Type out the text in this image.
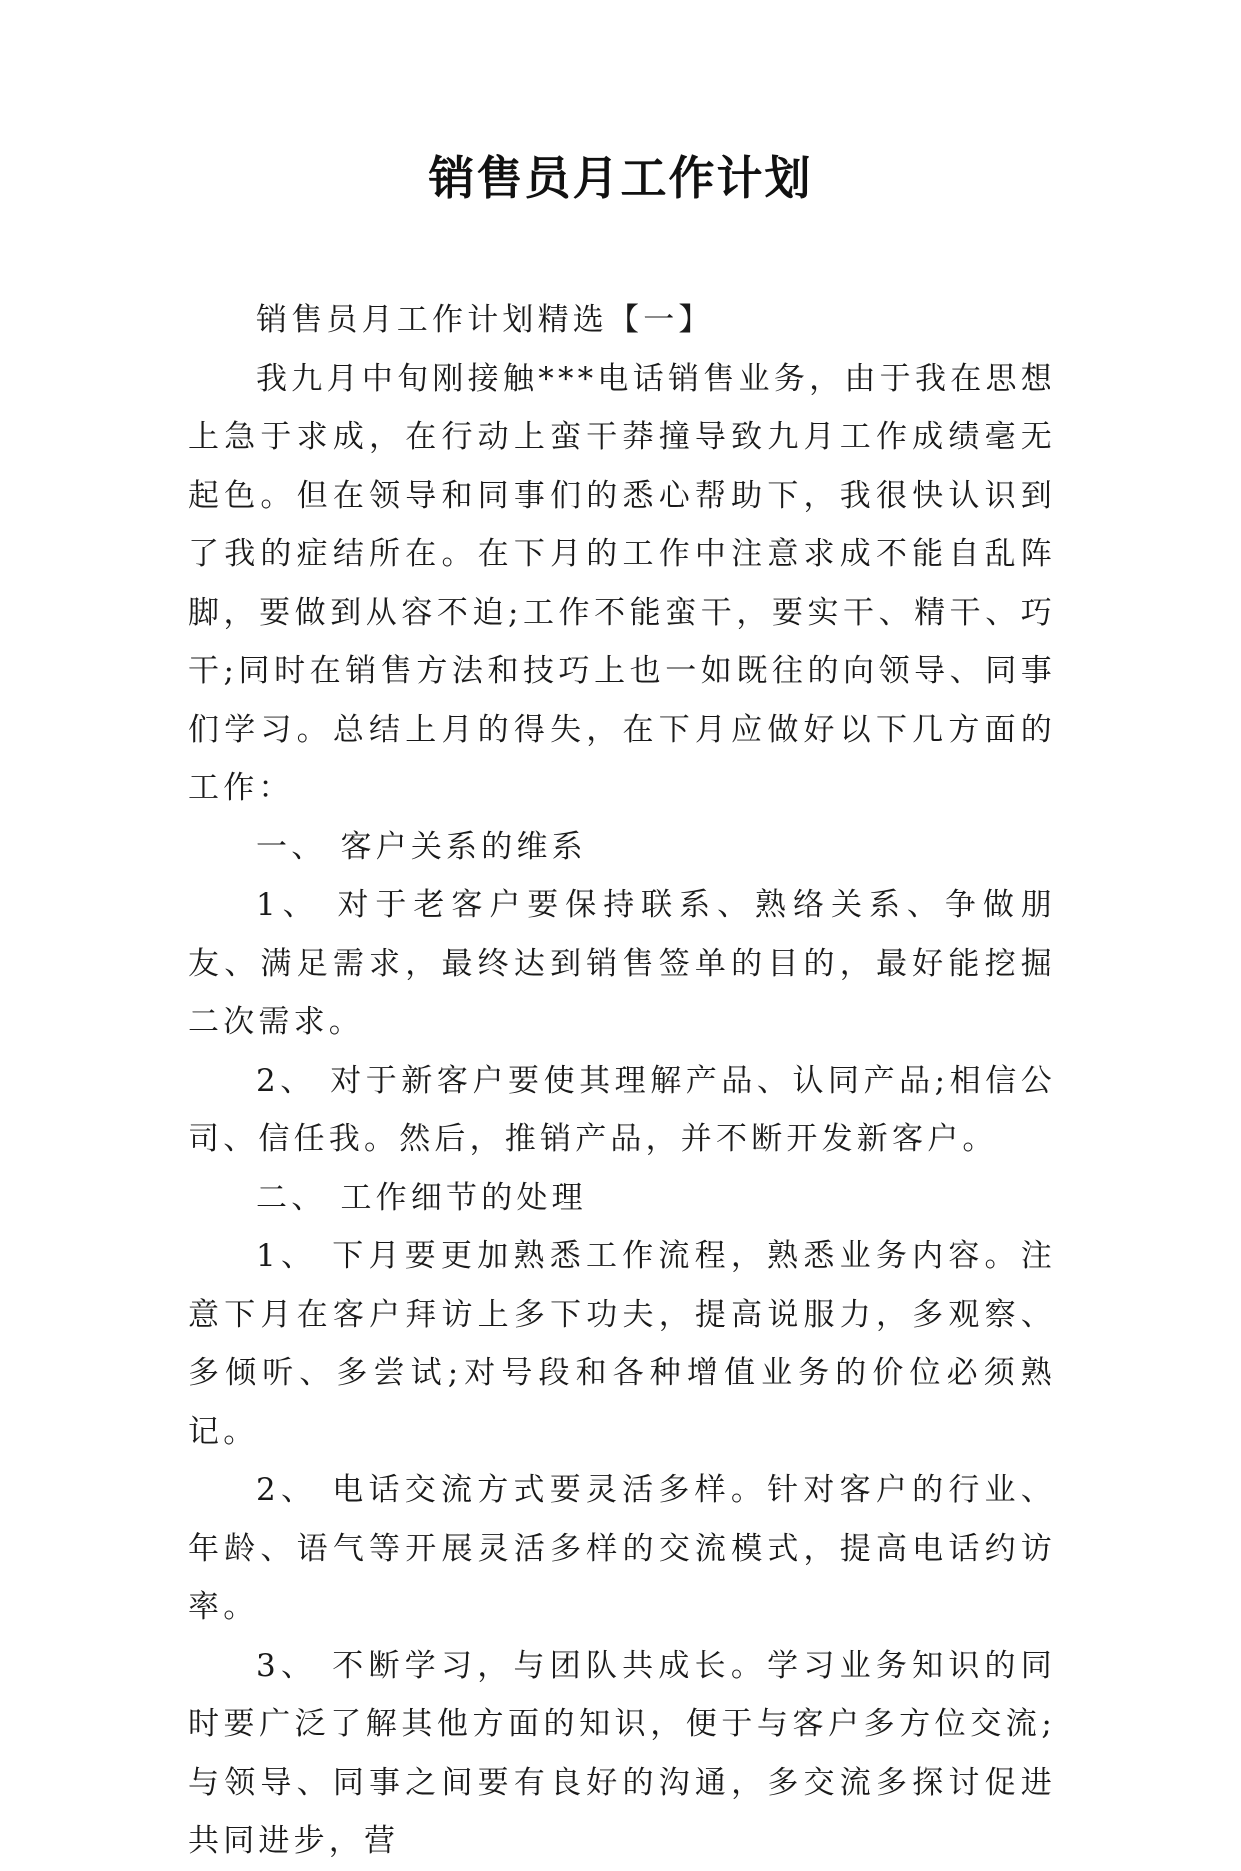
销售员月工作计划

销售员月工作计划精选【一】

我九月中旬刚接触***电话销售业务，由于我在思想上急于求成，在行动上蛮干莽撞导致九月工作成绩毫无起色。但在领导和同事们的悉心帮助下，我很快认识到了我的症结所在。在下月的工作中注意求成不能自乱阵脚，要做到从容不迫;工作不能蛮干，要实干、精干、巧干;同时在销售方法和技巧上也一如既往的向领导、同事们学习。总结上月的得失，在下月应做好以下几方面的工作：

一、 客户关系的维系

1、 对于老客户要保持联系、熟络关系、争做朋友、满足需求，最终达到销售签单的目的，最好能挖掘二次需求。

2、 对于新客户要使其理解产品、认同产品;相信公司、信任我。然后，推销产品，并不断开发新客户。

二、 工作细节的处理

1、 下月要更加熟悉工作流程，熟悉业务内容。注意下月在客户拜访上多下功夫，提高说服力，多观察、多倾听、多尝试;对号段和各种增值业务的价位必须熟记。

2、 电话交流方式要灵活多样。针对客户的行业、年龄、语气等开展灵活多样的交流模式，提高电话约访率。

3、 不断学习，与团队共成长。学习业务知识的同时要广泛了解其他方面的知识，便于与客户多方位交流;与领导、同事之间要有良好的沟通，多交流多探讨促进共同进步，营
